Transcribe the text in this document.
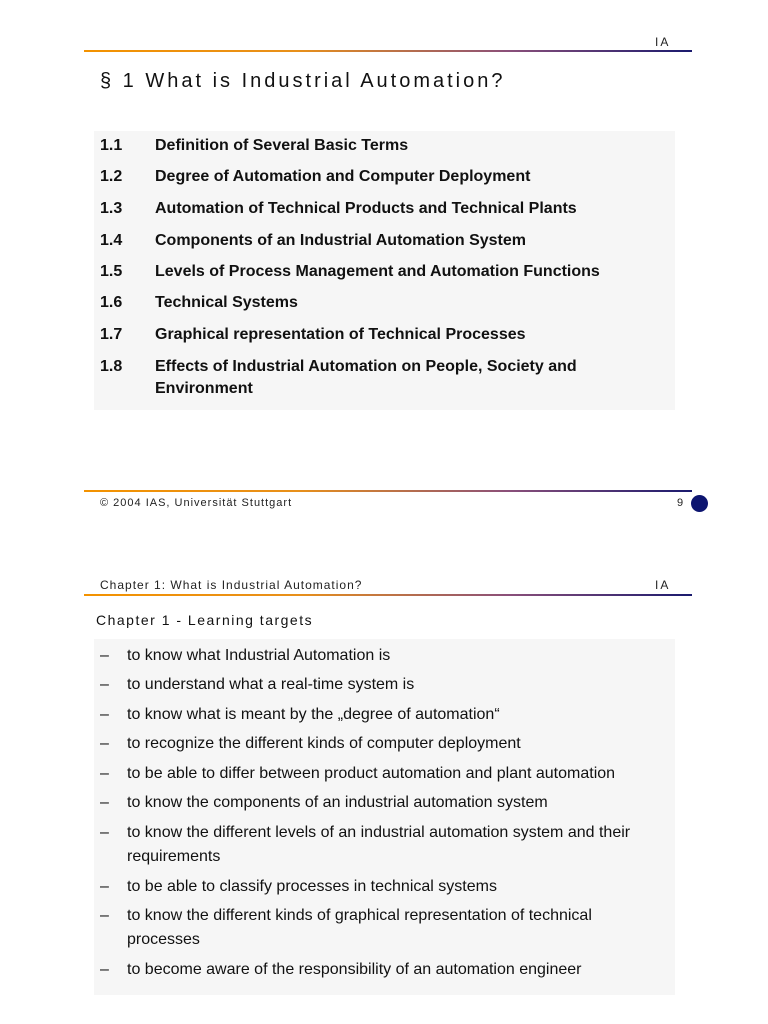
IA
§ 1 What is Industrial Automation?
1.1	Definition of Several Basic Terms
1.2	Degree of Automation and Computer Deployment
1.3	Automation of Technical Products and Technical Plants
1.4	Components of an Industrial Automation System
1.5	Levels of Process Management and Automation Functions
1.6	Technical Systems
1.7	Graphical representation of Technical Processes
1.8	Effects of Industrial Automation on People, Society and Environment
© 2004 IAS, Universität Stuttgart	9
Chapter 1: What is Industrial Automation?	IA
Chapter 1 - Learning targets
–	to know what Industrial Automation is
–	to understand what a real-time system is
–	to know what is meant by the „degree of automation“
–	to recognize the different kinds of computer deployment
–	to be able to differ between product automation and plant automation
–	to know the components of an industrial automation system
–	to know the different levels of an industrial automation system and their requirements
–	to be able to classify processes in technical systems
–	to know the different kinds of graphical representation of technical processes
–	to become aware of the responsibility of an automation engineer
